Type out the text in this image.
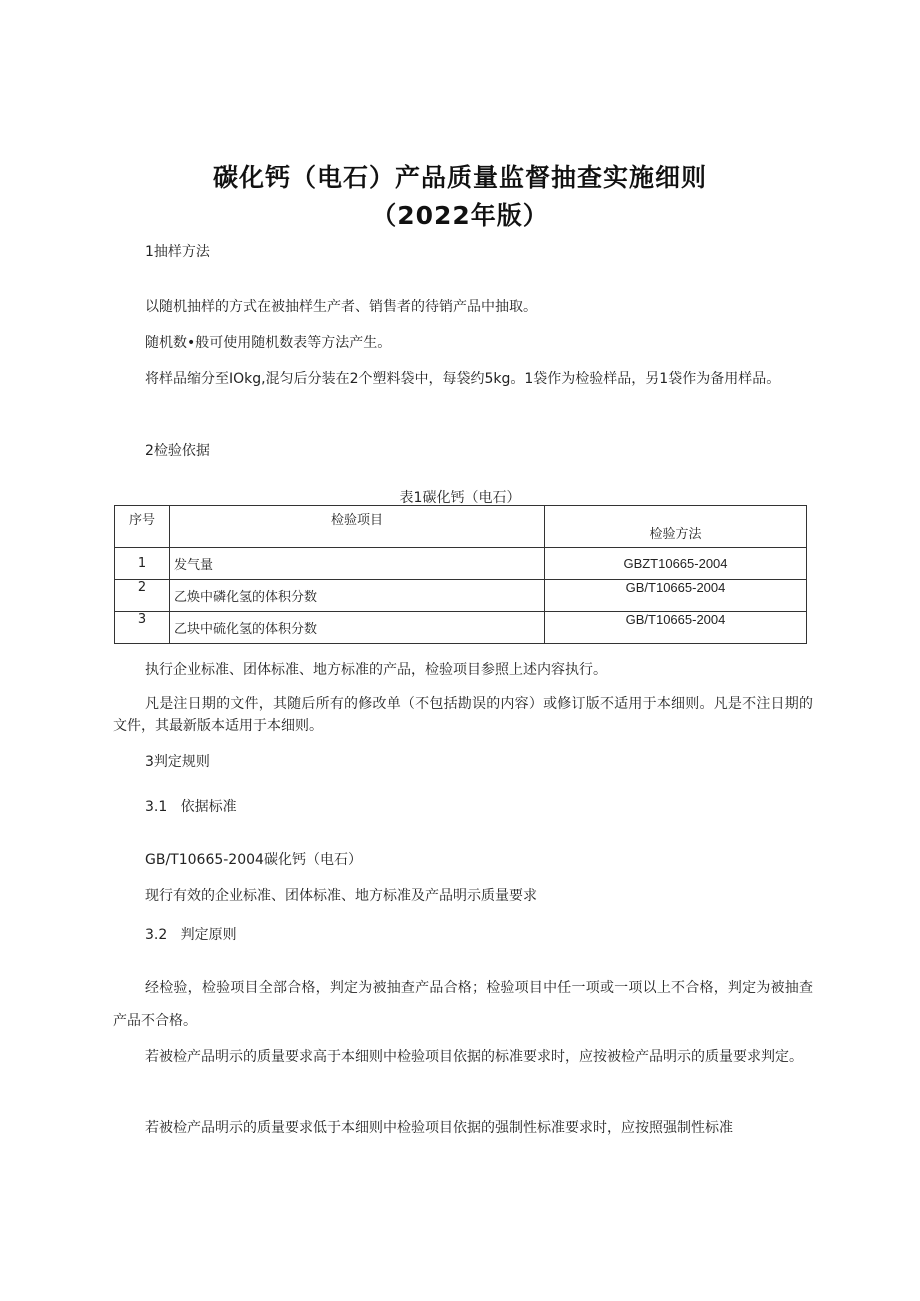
碳化钙（电石）产品质量监督抽查实施细则
（2022年版）
1抽样方法
以随机抽样的方式在被抽样生产者、销售者的待销产品中抽取。
随机数•般可使用随机数表等方法产生。
将样品缩分至IOkg,混匀后分装在2个塑料袋中，每袋约5kg。1袋作为检验样品，另1袋作为备用样品。
2检验依据
表1碳化钙（电石）
序号	检验项目	检验方法
1	发气量	GBZT10665-2004
2	乙焕中磷化氢的体积分数	GB/T10665-2004
3	乙块中硫化氢的体积分数	GB/T10665-2004
执行企业标准、团体标准、地方标准的产品，检验项目参照上述内容执行。
凡是注日期的文件，其随后所有的修改单（不包括勘误的内容）或修订版不适用于本细则。凡是不注日期的文件，其最新版本适用于本细则。
3判定规则
3.1   依据标准
GB/T10665-2004碳化钙（电石）
现行有效的企业标准、团体标准、地方标准及产品明示质量要求
3.2   判定原则
经检验，检验项目全部合格，判定为被抽查产品合格；检验项目中任一项或一项以上不合格，判定为被抽查产品不合格。
若被检产品明示的质量要求高于本细则中检验项目依据的标准要求时，应按被检产品明示的质量要求判定。
若被检产品明示的质量要求低于本细则中检验项目依据的强制性标准要求时，应按照强制性标准
